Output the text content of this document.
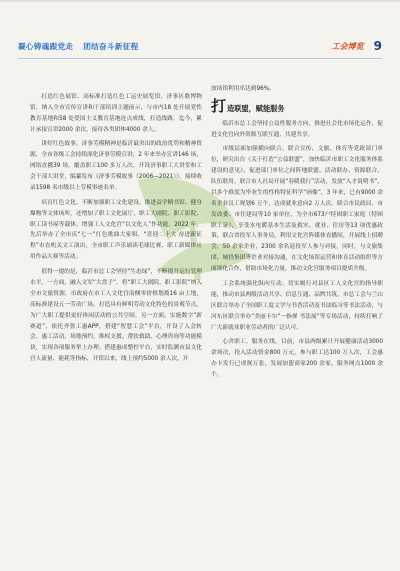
凝心铸魂跟党走 团结奋斗新征程	工会博览 9

打造红色展馆。高标准打造红色工运史展览馆、济事区歌博物馆，纳入全市宣传宣讲和干部培训主题前示，与市内18 处开展党性教育基地和58 处爱国主义教育基地连点成线，打造线路。迄今，累计承接宣讲2000 余次，接待各类团体4000 余人。

讲好红色故事。济事劳模精神是临沂最突出的政治优势和精神资源，全市各级工会持续深化济事劳模宣讲，2 年来举办宣讲146 场，网络直播39 场，覆盖职工100 多万人次。开设济事职工大讲堂和工会干部大讲堂，编纂发布《济事劳模故事（2006—2021）》，接续收录1598 名市级以上劳模事迹名单。

培育红色文化。不断加强职工文化建设，推进益学精书馆、健身爆物等文体场所，还增加了职工文化展厅，职工大剧院、职工影院、职工读书屋等载体，增强工人文化宫“以文化人”作功能。2022 年，先后举办了全市庆“七一”红色歌曲大家唱、“喜迎二十大 奋进新征程”市直机关文工演出，全市职工声乐诵读毛球比赛、职工新媒体应用作品大赛等活动。

值得一提的是，临沂市总工会坚持“生态绿”，不断提升运行管理水平。一方面，融入文军“大盘子”，将“职工大剧院、职工影院”纳入全市文旅资源，市政府在市工人文化宫南侧零价格划拨16 亩土地，高标准建设五一劳动广场，打造具有鲜明劳动文化特色的景观节点，为广大职工提供更好休闲活动的公共空间。另一方面，实施数字“新赛道”，依托齐鲁工惠APP，搭建“智慧工会”平台，开设了入会转会、惠工活动、场地预约、维权支援、帮扶救助、心理咨询等功能模块，实现各项服务掌上办理。搭建惠成整控平台，实时监测市县文化宫人流量、能耗等指标，开馆以来，线上预约5000 余人次，开

放场馆利用率达到96%。

打 造联盟，赋能服务

临沂市总工会坚持公益性服务方向，推进社会化市场化运作，促进文化宫向外资源互联互通、共建共享。

市级层面加强横向联合。联合宣传、文旅、体育等党政部门单位，研究出台《关于打造“公益联盟”，加快临沂市职工文化服务体系建设的意见》，促进部门单位之间阵地联盟、活动联办、资源联合、队伍联用。联合市人社局开展“春暖我行”活动，发放“入才说明书”，以多个维度为毕业生的性格特征科学“画像”，3 年来，已有9000 余名企业员工规划6 万个，达成就业意向2 万人次。联合市民政局、市发改委、市住建局等10 家单位，为全市673户特困职工家庭（特困职工证），享受水电暖基本生活及救灾、就业、住房等13 项优惠政策。联合省投军人事务局，利用文化宫阵媒体直播间，开展线上招聘会，50 余家企业，2300 余名退役军人参与对接。同时，与文旅集团、城投集团等企业对接沟通，在文化场馆运营和体育活动组织等方面深化合作，借助市场化力量，推动文化宫服务项目提质升级。

工会系统强化纵向互动。切实履行对县区工人文化宫的指导职能，推动市县两级活动共享、信息互通、品牌共筑。市总工会与兰山区联合举办了全国职工度文学与书香活动及书法临习等书法活动，与河东区联合举办“美丽卡尔”一指禅 书法展“等专场活动，持续打响了广大新就业职业劳动者的广泛认可。

心舍职工。服务在线，目前，市县两级累计开展健康活动3000 余场次，投入活动资金800 万元，参与职工达100 万人次，工会惠办卡发行已成规万张，发展加盟商家200 余家，服务网点1000 余个。
